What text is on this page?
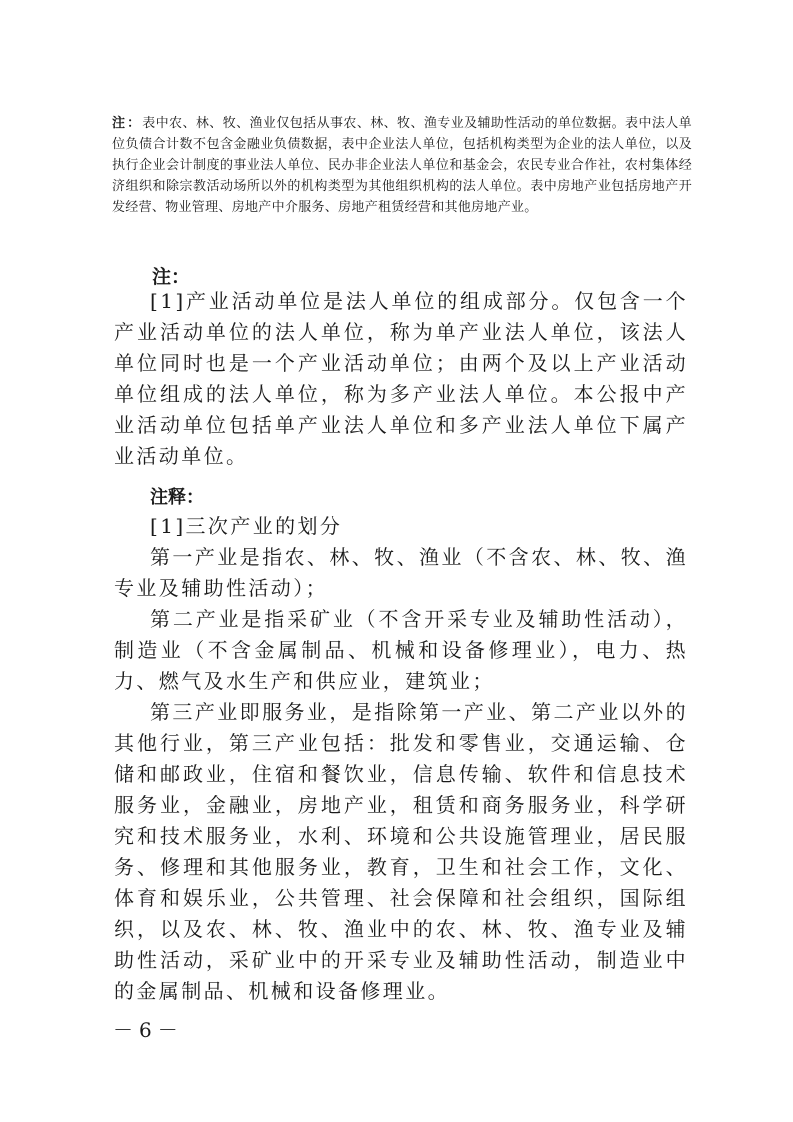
注：表中农、林、牧、渔业仅包括从事农、林、牧、渔专业及辅助性活动的单位数据。表中法人单位负债合计数不包含金融业负债数据，表中企业法人单位，包括机构类型为企业的法人单位，以及执行企业会计制度的事业法人单位、民办非企业法人单位和基金会，农民专业合作社，农村集体经济组织和除宗教活动场所以外的机构类型为其他组织机构的法人单位。表中房地产业包括房地产开发经营、物业管理、房地产中介服务、房地产租赁经营和其他房地产业。
注：

[1]产业活动单位是法人单位的组成部分。仅包含一个产业活动单位的法人单位，称为单产业法人单位，该法人单位同时也是一个产业活动单位；由两个及以上产业活动单位组成的法人单位，称为多产业法人单位。本公报中产业活动单位包括单产业法人单位和多产业法人单位下属产业活动单位。

注释：

[1]三次产业的划分

第一产业是指农、林、牧、渔业（不含农、林、牧、渔专业及辅助性活动）；

第二产业是指采矿业（不含开采专业及辅助性活动），制造业（不含金属制品、机械和设备修理业），电力、热力、燃气及水生产和供应业，建筑业；

第三产业即服务业，是指除第一产业、第二产业以外的其他行业，第三产业包括：批发和零售业，交通运输、仓储和邮政业，住宿和餐饮业，信息传输、软件和信息技术服务业，金融业，房地产业，租赁和商务服务业，科学研究和技术服务业，水利、环境和公共设施管理业，居民服务、修理和其他服务业，教育，卫生和社会工作，文化、体育和娱乐业，公共管理、社会保障和社会组织，国际组织，以及农、林、牧、渔业中的农、林、牧、渔专业及辅助性活动，采矿业中的开采专业及辅助性活动，制造业中的金属制品、机械和设备修理业。

－6－
